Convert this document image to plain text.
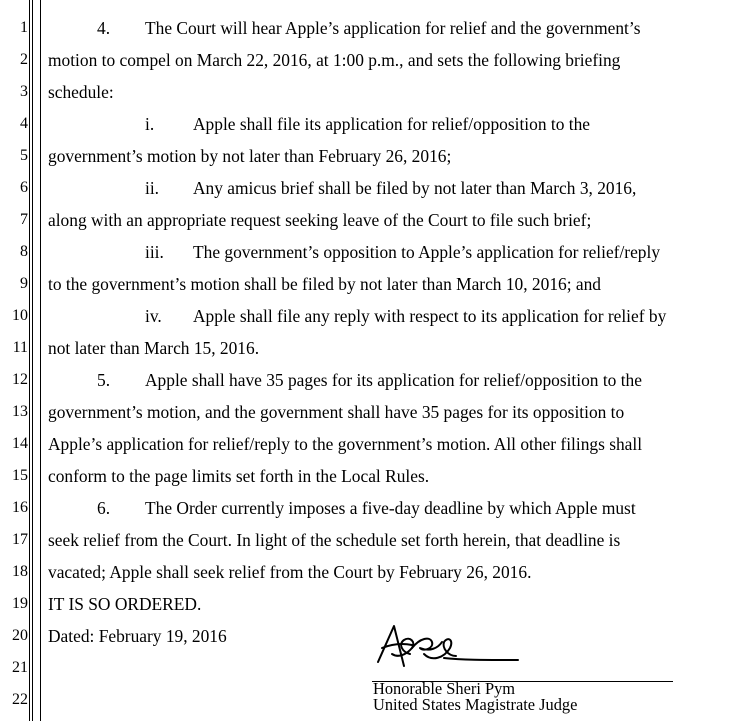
1
2
3
4
5
6
7
8
9
10
11
12
13
14
15
16
17
18
19
20
21
22
4. The Court will hear Apple’s application for relief and the government’s
motion to compel on March 22, 2016, at 1:00 p.m., and sets the following briefing
schedule:
i. Apple shall file its application for relief/opposition to the
government’s motion by not later than February 26, 2016;
ii. Any amicus brief shall be filed by not later than March 3, 2016,
along with an appropriate request seeking leave of the Court to file such brief;
iii. The government’s opposition to Apple’s application for relief/reply
to the government’s motion shall be filed by not later than March 10, 2016; and
iv. Apple shall file any reply with respect to its application for relief by
not later than March 15, 2016.
5. Apple shall have 35 pages for its application for relief/opposition to the
government’s motion, and the government shall have 35 pages for its opposition to
Apple’s application for relief/reply to the government’s motion. All other filings shall
conform to the page limits set forth in the Local Rules.
6. The Order currently imposes a five-day deadline by which Apple must
seek relief from the Court. In light of the schedule set forth herein, that deadline is
vacated; Apple shall seek relief from the Court by February 26, 2016.
IT IS SO ORDERED.
Dated: February 19, 2016
Honorable Sheri Pym
United States Magistrate Judge
